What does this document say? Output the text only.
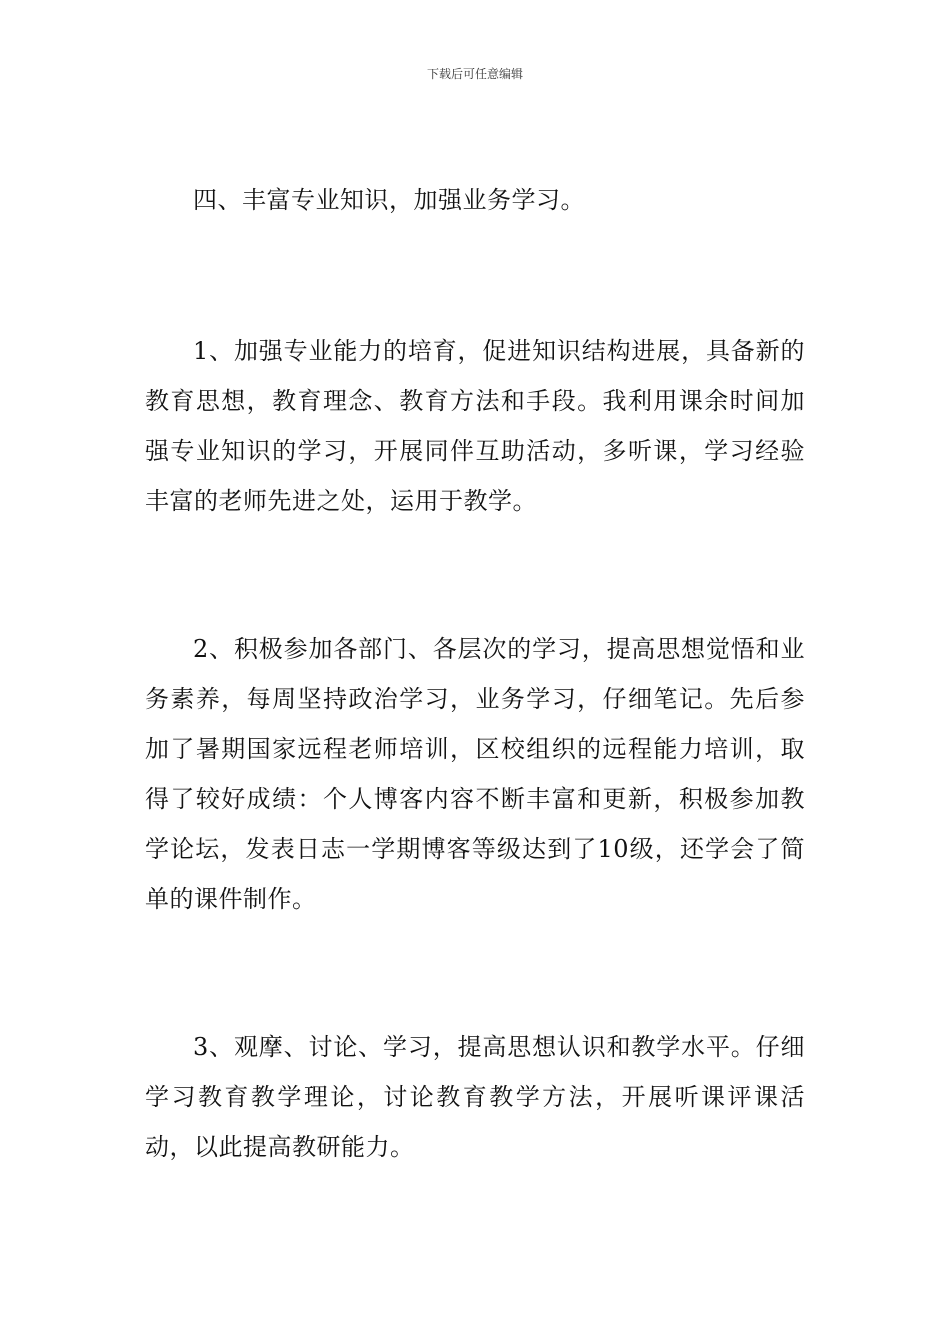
下载后可任意编辑
四、丰富专业知识，加强业务学习。

1、加强专业能力的培育，促进知识结构进展，具备新的教育思想，教育理念、教育方法和手段。我利用课余时间加强专业知识的学习，开展同伴互助活动，多听课，学习经验丰富的老师先进之处，运用于教学。

2、积极参加各部门、各层次的学习，提高思想觉悟和业务素养，每周坚持政治学习，业务学习，仔细笔记。先后参加了暑期国家远程老师培训，区校组织的远程能力培训，取得了较好成绩：个人博客内容不断丰富和更新，积极参加教学论坛，发表日志一学期博客等级达到了10级，还学会了简单的课件制作。

3、观摩、讨论、学习，提高思想认识和教学水平。仔细学习教育教学理论，讨论教育教学方法，开展听课评课活动，以此提高教研能力。
